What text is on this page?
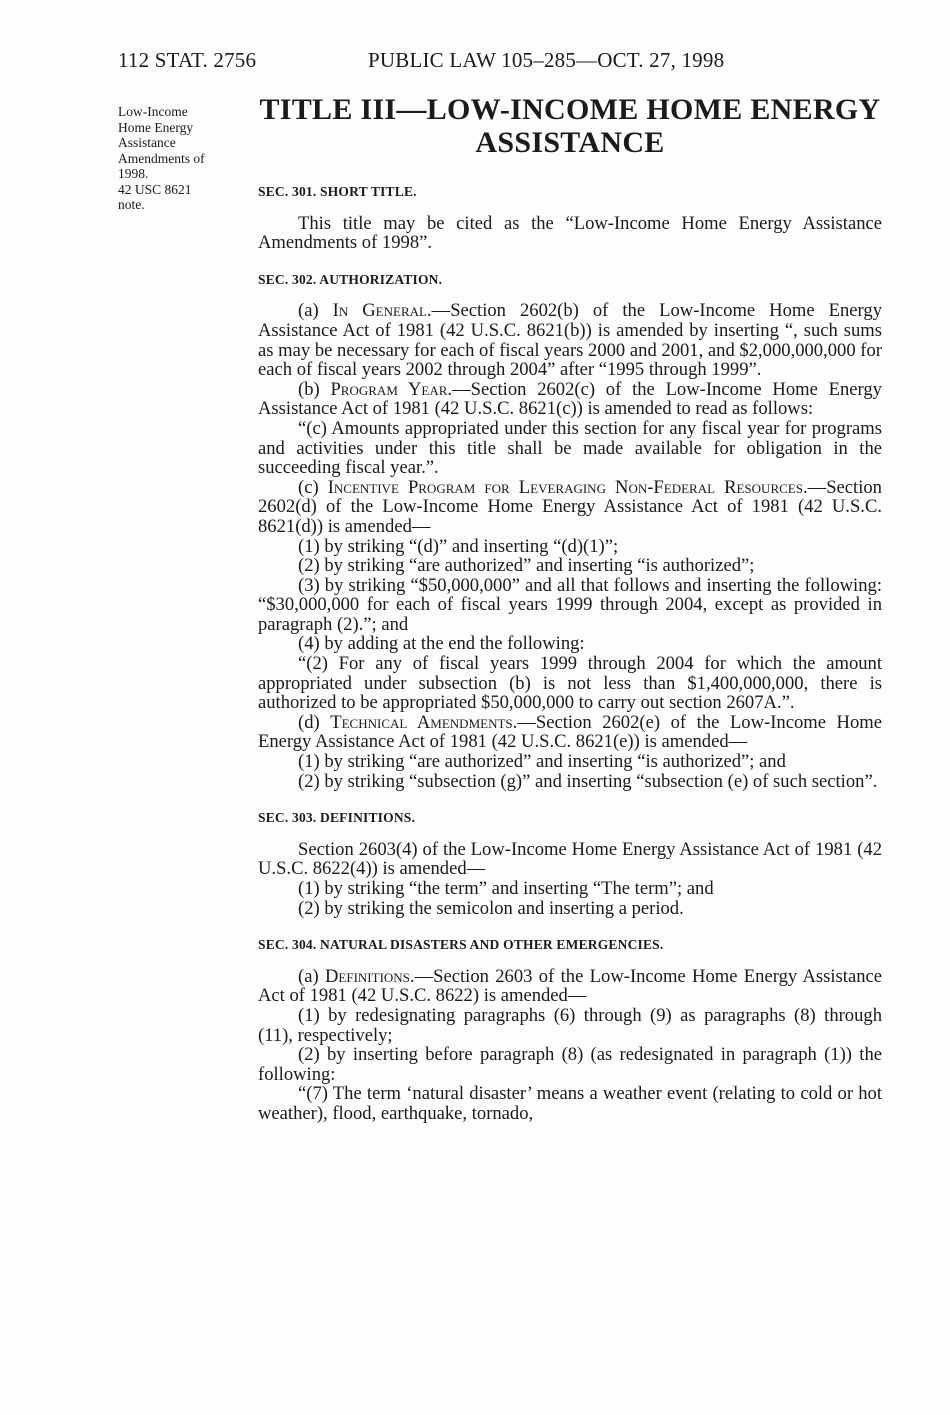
112 STAT. 2756	PUBLIC LAW 105–285—OCT. 27, 1998
Low-Income
Home Energy
Assistance
Amendments of
1998.
42 USC 8621
note.
TITLE III—LOW-INCOME HOME ENERGY
ASSISTANCE
SEC. 301. SHORT TITLE.

This title may be cited as the “Low-Income Home Energy Assistance Amendments of 1998”.

SEC. 302. AUTHORIZATION.

(a) In General.—Section 2602(b) of the Low-Income Home Energy Assistance Act of 1981 (42 U.S.C. 8621(b)) is amended by inserting “, such sums as may be necessary for each of fiscal years 2000 and 2001, and $2,000,000,000 for each of fiscal years 2002 through 2004” after “1995 through 1999”.

(b) Program Year.—Section 2602(c) of the Low-Income Home Energy Assistance Act of 1981 (42 U.S.C. 8621(c)) is amended to read as follows:

“(c) Amounts appropriated under this section for any fiscal year for programs and activities under this title shall be made available for obligation in the succeeding fiscal year.”.

(c) Incentive Program for Leveraging Non-Federal Resources.—Section 2602(d) of the Low-Income Home Energy Assistance Act of 1981 (42 U.S.C. 8621(d)) is amended—

(1) by striking “(d)” and inserting “(d)(1)”;

(2) by striking “are authorized” and inserting “is authorized”;

(3) by striking “$50,000,000” and all that follows and inserting the following: “$30,000,000 for each of fiscal years 1999 through 2004, except as provided in paragraph (2).”; and

(4) by adding at the end the following:

“(2) For any of fiscal years 1999 through 2004 for which the amount appropriated under subsection (b) is not less than $1,400,000,000, there is authorized to be appropriated $50,000,000 to carry out section 2607A.”.

(d) Technical Amendments.—Section 2602(e) of the Low-Income Home Energy Assistance Act of 1981 (42 U.S.C. 8621(e)) is amended—

(1) by striking “are authorized” and inserting “is authorized”; and

(2) by striking “subsection (g)” and inserting “subsection (e) of such section”.

SEC. 303. DEFINITIONS.

Section 2603(4) of the Low-Income Home Energy Assistance Act of 1981 (42 U.S.C. 8622(4)) is amended—

(1) by striking “the term” and inserting “The term”; and

(2) by striking the semicolon and inserting a period.

SEC. 304. NATURAL DISASTERS AND OTHER EMERGENCIES.

(a) Definitions.—Section 2603 of the Low-Income Home Energy Assistance Act of 1981 (42 U.S.C. 8622) is amended—

(1) by redesignating paragraphs (6) through (9) as paragraphs (8) through (11), respectively;

(2) by inserting before paragraph (8) (as redesignated in paragraph (1)) the following:

“(7) The term ‘natural disaster’ means a weather event (relating to cold or hot weather), flood, earthquake, tornado,
